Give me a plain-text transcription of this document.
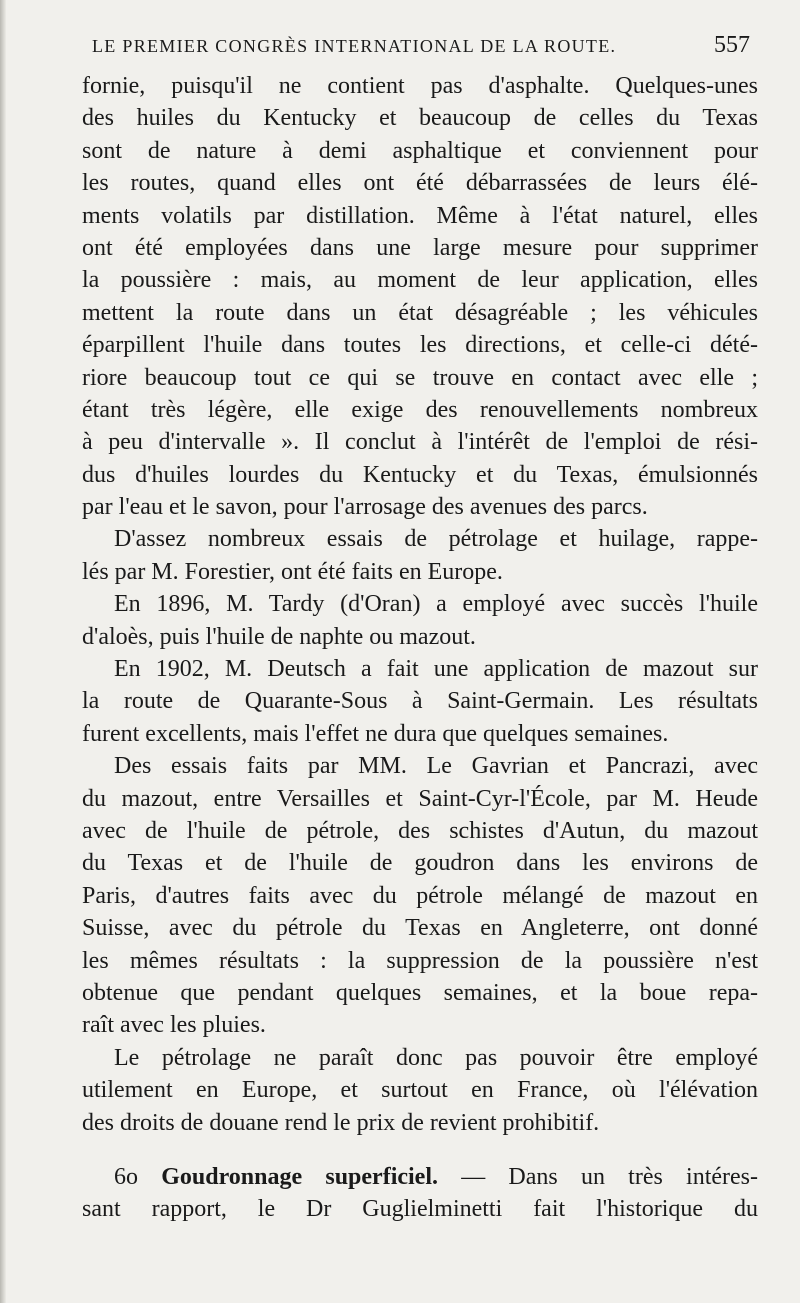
LE PREMIER CONGRÈS INTERNATIONAL DE LA ROUTE.	557
fornie, puisqu'il ne contient pas d'asphalte. Quelques-unes
des huiles du Kentucky et beaucoup de celles du Texas
sont de nature à demi asphaltique et conviennent pour
les routes, quand elles ont été débarrassées de leurs élé-
ments volatils par distillation. Même à l'état naturel, elles
ont été employées dans une large mesure pour supprimer
la poussière : mais, au moment de leur application, elles
mettent la route dans un état désagréable ; les véhicules
éparpillent l'huile dans toutes les directions, et celle-ci dété-
riore beaucoup tout ce qui se trouve en contact avec elle ;
étant très légère, elle exige des renouvellements nombreux
à peu d'intervalle ». Il conclut à l'intérêt de l'emploi de rési-
dus d'huiles lourdes du Kentucky et du Texas, émulsionnés
par l'eau et le savon, pour l'arrosage des avenues des parcs.
D'assez nombreux essais de pétrolage et huilage, rappe-
lés par M. Forestier, ont été faits en Europe.
En 1896, M. Tardy (d'Oran) a employé avec succès l'huile
d'aloès, puis l'huile de naphte ou mazout.
En 1902, M. Deutsch a fait une application de mazout sur
la route de Quarante-Sous à Saint-Germain. Les résultats
furent excellents, mais l'effet ne dura que quelques semaines.
Des essais faits par MM. Le Gavrian et Pancrazi, avec
du mazout, entre Versailles et Saint-Cyr-l'École, par M. Heude
avec de l'huile de pétrole, des schistes d'Autun, du mazout
du Texas et de l'huile de goudron dans les environs de
Paris, d'autres faits avec du pétrole mélangé de mazout en
Suisse, avec du pétrole du Texas en Angleterre, ont donné
les mêmes résultats : la suppression de la poussière n'est
obtenue que pendant quelques semaines, et la boue repa-
raît avec les pluies.
Le pétrolage ne paraît donc pas pouvoir être employé
utilement en Europe, et surtout en France, où l'élévation
des droits de douane rend le prix de revient prohibitif.
6o Goudronnage superficiel. — Dans un très intéres-
sant rapport, le Dr Guglielminetti fait l'historique du
